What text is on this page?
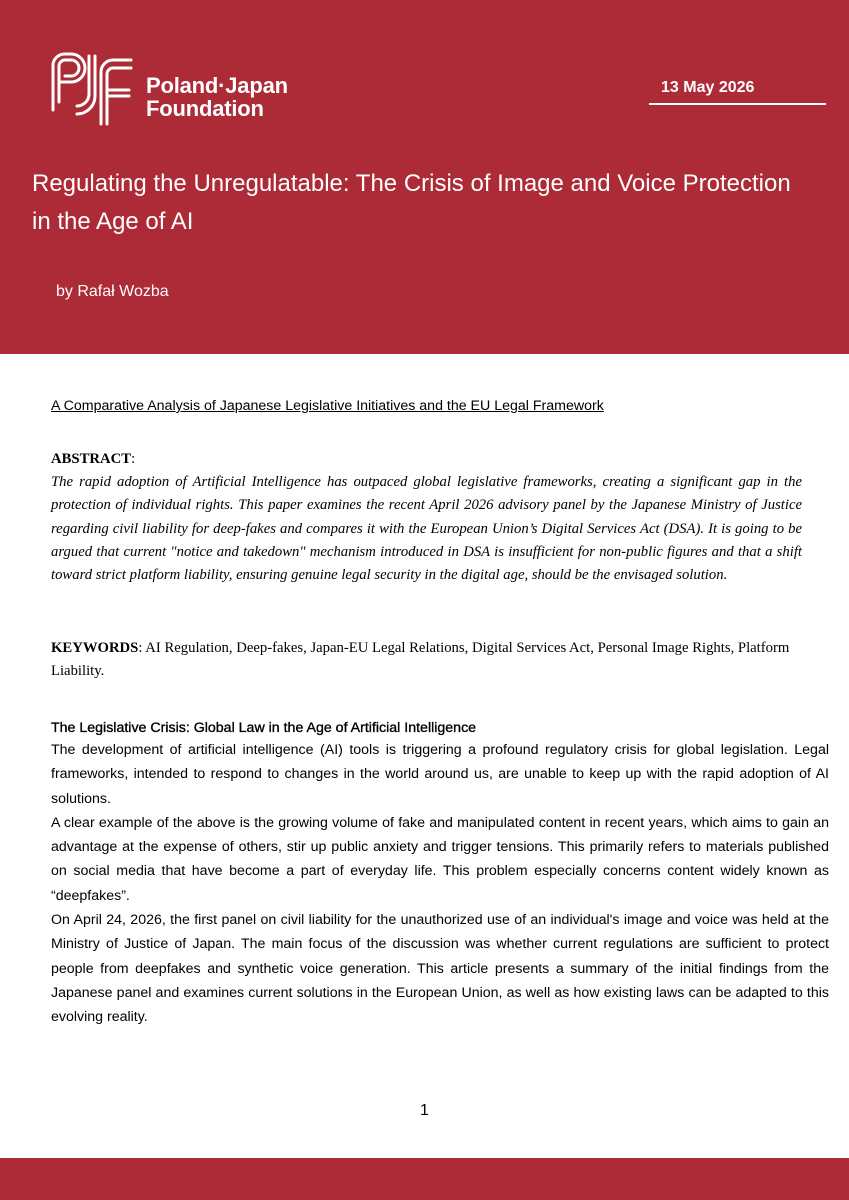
Poland·Japan
Foundation
13 May 2026
Regulating the Unregulatable: The Crisis of Image and Voice Protection in the Age of AI
by Rafał Wozba
A Comparative Analysis of Japanese Legislative Initiatives and the EU Legal Framework
ABSTRACT:
The rapid adoption of Artificial Intelligence has outpaced global legislative frameworks, creating a significant gap in the protection of individual rights. This paper examines the recent April 2026 advisory panel by the Japanese Ministry of Justice regarding civil liability for deep-fakes and compares it with the European Union’s Digital Services Act (DSA). It is going to be argued that current "notice and takedown" mechanism introduced in DSA is insufficient for non-public figures and that a shift toward strict platform liability, ensuring genuine legal security in the digital age, should be the envisaged solution.
KEYWORDS: AI Regulation, Deep-fakes, Japan-EU Legal Relations, Digital Services Act, Personal Image Rights, Platform Liability.
The Legislative Crisis: Global Law in the Age of Artificial Intelligence

The development of artificial intelligence (AI) tools is triggering a profound regulatory crisis for global legislation. Legal frameworks, intended to respond to changes in the world around us, are unable to keep up with the rapid adoption of AI solutions.

A clear example of the above is the growing volume of fake and manipulated content in recent years, which aims to gain an advantage at the expense of others, stir up public anxiety and trigger tensions. This primarily refers to materials published on social media that have become a part of everyday life. This problem especially concerns content widely known as “deepfakes”.

On April 24, 2026, the first panel on civil liability for the unauthorized use of an individual's image and voice was held at the Ministry of Justice of Japan. The main focus of the discussion was whether current regulations are sufficient to protect people from deepfakes and synthetic voice generation. This article presents a summary of the initial findings from the Japanese panel and examines current solutions in the European Union, as well as how existing laws can be adapted to this evolving reality.

1
